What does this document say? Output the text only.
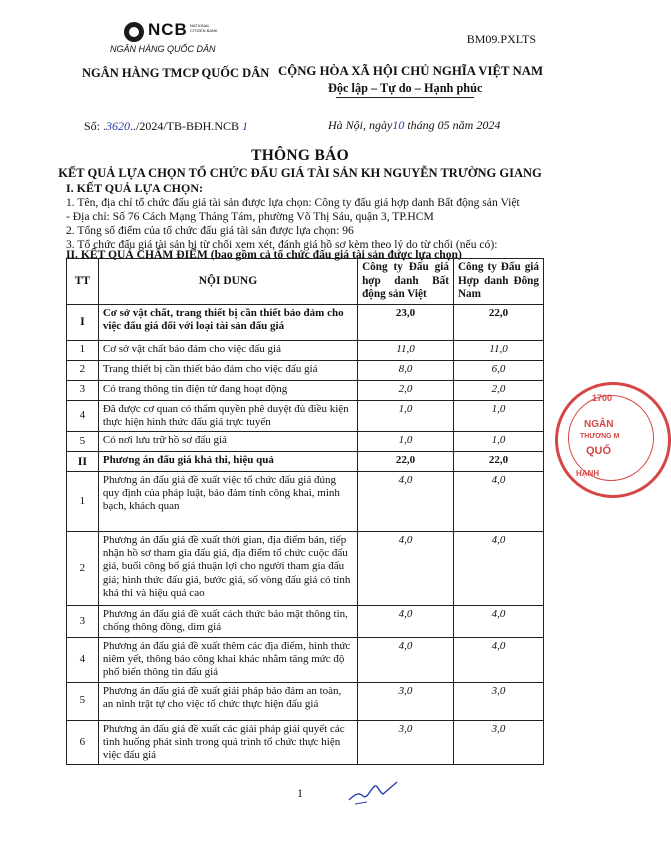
NCB NATIONAL CITIZEN BANK
NGÂN HÀNG QUỐC DÂN
BM09.PXLTS
NGÂN HÀNG TMCP QUỐC DÂN CỘNG HÒA XÃ HỘI CHỦ NGHĨA VIỆT NAM
Độc lập – Tự do – Hạnh phúc
Số: .3620../2024/TB-BĐH.NCB 1	Hà Nội, ngày10 tháng 05 năm 2024
THÔNG BÁO
KẾT QUẢ LỰA CHỌN TỔ CHỨC ĐẤU GIÁ TÀI SẢN KH NGUYỄN TRƯỜNG GIANG
I. KẾT QUẢ LỰA CHỌN:
1. Tên, địa chỉ tổ chức đấu giá tài sản được lựa chọn: Công ty đấu giá hợp danh Bất động sản Việt
- Địa chỉ: Số 76 Cách Mạng Tháng Tám, phường Võ Thị Sáu, quận 3, TP.HCM
2. Tổng số điểm của tổ chức đấu giá tài sản được lựa chọn: 96
3. Tổ chức đấu giá tài sản bị từ chối xem xét, đánh giá hồ sơ kèm theo lý do từ chối (nếu có):
II. KẾT QUẢ CHẤM ĐIỂM (bao gồm cả tổ chức đấu giá tài sản được lựa chọn)
TT	NỘI DUNG	Công ty Đấu giá hợp danh Bất động sản Việt	Công ty Đấu giá Hợp danh Đông Nam
I	Cơ sở vật chất, trang thiết bị cần thiết bảo đảm cho việc đấu giá đối với loại tài sản đấu giá	23,0	22,0
1	Cơ sở vật chất bảo đảm cho việc đấu giá	11,0	11,0
2	Trang thiết bị cần thiết bảo đảm cho việc đấu giá	8,0	6,0
3	Có trang thông tin điện tử đang hoạt động	2,0	2,0
4	Đã được cơ quan có thẩm quyền phê duyệt đủ điều kiện thực hiện hình thức đấu giá trực tuyến	1,0	1,0
5	Có nơi lưu trữ hồ sơ đấu giá	1,0	1,0
II	Phương án đấu giá khả thi, hiệu quả	22,0	22,0
1	Phương án đấu giá đề xuất việc tổ chức đấu giá đúng quy định của pháp luật, bảo đảm tính công khai, minh bạch, khách quan	4,0	4,0
2	Phương án đấu giá đề xuất thời gian, địa điểm bán, tiếp nhận hồ sơ tham gia đấu giá, địa điểm tổ chức cuộc đấu giá, buổi công bố giá thuận lợi cho người tham gia đấu giá; hình thức đấu giá, bước giá, số vòng đấu giá có tính khả thi và hiệu quả cao	4,0	4,0
3	Phương án đấu giá đề xuất cách thức bảo mật thông tin, chống thông đồng, dìm giá	4,0	4,0
4	Phương án đấu giá đề xuất thêm các địa điểm, hình thức niêm yết, thông báo công khai khác nhằm tăng mức độ phổ biến thông tin đấu giá	4,0	4,0
5	Phương án đấu giá đề xuất giải pháp bảo đảm an toàn, an ninh trật tự cho việc tổ chức thực hiện đấu giá	3,0	3,0
6	Phương án đấu giá đề xuất các giải pháp giải quyết các tình huống phát sinh trong quá trình tổ chức thực hiện việc đấu giá	3,0	3,0
1700
NGÂN
THƯƠNG M
QUỐ
HẠNH
1
